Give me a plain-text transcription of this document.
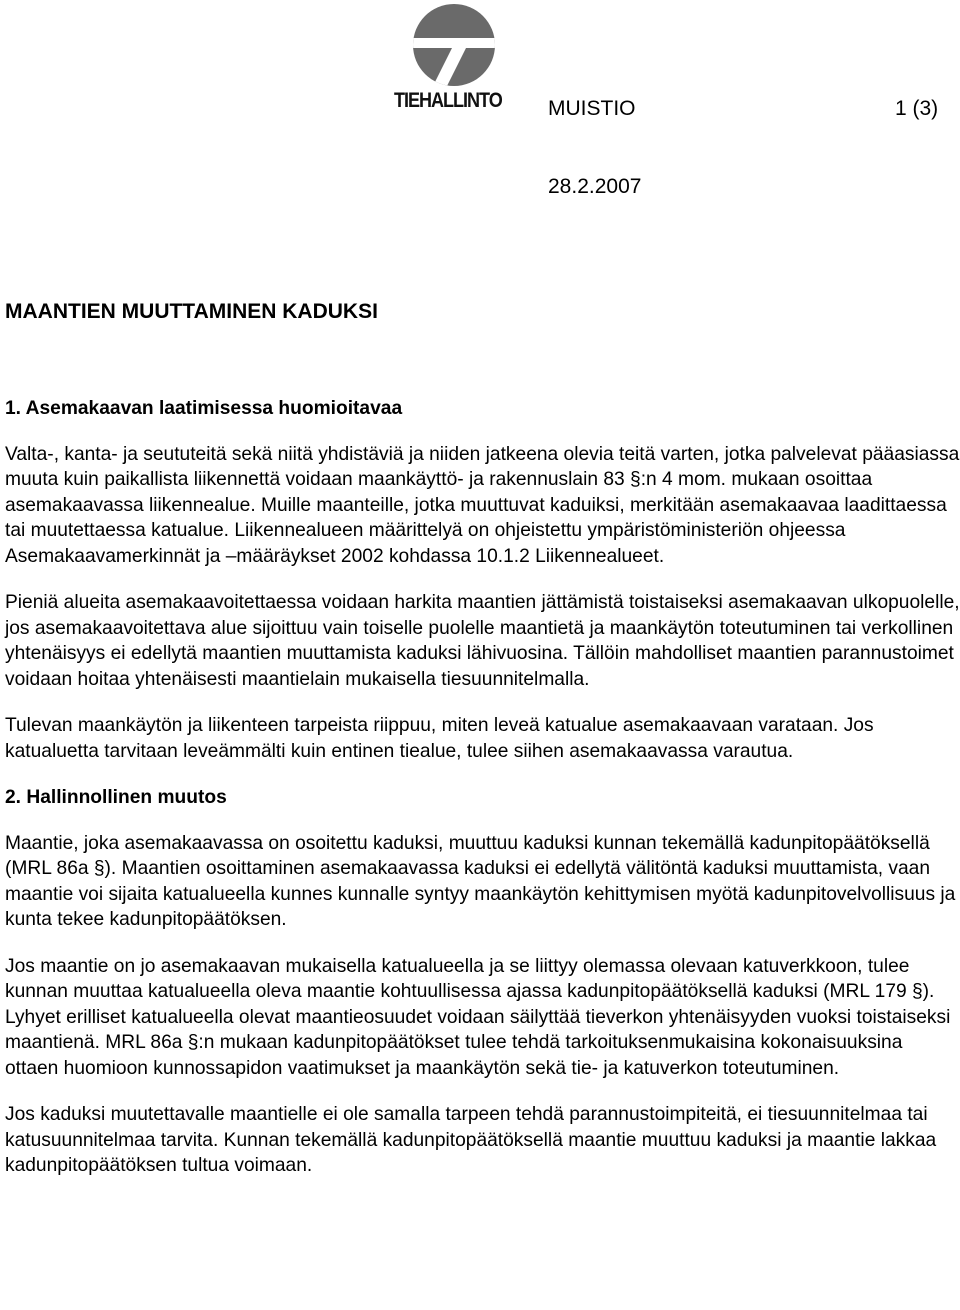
TIEHALLINTO MUISTIO	1 (3)
28.2.2007
MAANTIEN MUUTTAMINEN KADUKSI
1. Asemakaavan laatimisessa huomioitavaa

Valta-, kanta- ja seututeitä sekä niitä yhdistäviä ja niiden jatkeena olevia teitä varten, jotka palvelevat pääasiassa muuta kuin paikallista liikennettä voidaan maankäyttö- ja rakennuslain 83 §:n 4 mom. mukaan osoittaa asemakaavassa liikennealue. Muille maanteille, jotka muuttuvat kaduiksi, merkitään asemakaavaa laadittaessa tai muutettaessa katualue. Liikennealueen määrittelyä on ohjeistettu ympäristöministeriön ohjeessa Asemakaavamerkinnät ja –määräykset 2002 kohdassa 10.1.2 Liikennealueet.

Pieniä alueita asemakaavoitettaessa voidaan harkita maantien jättämistä toistaiseksi asemakaavan ulkopuolelle, jos asemakaavoitettava alue sijoittuu vain toiselle puolelle maantietä ja maankäytön toteutuminen tai verkollinen yhtenäisyys ei edellytä maantien muuttamista kaduksi lähivuosina. Tällöin mahdolliset maantien parannustoimet voidaan hoitaa yhtenäisesti maantielain mukaisella tiesuunnitelmalla.

Tulevan maankäytön ja liikenteen tarpeista riippuu, miten leveä katualue asemakaavaan varataan. Jos katualuetta tarvitaan leveämmälti kuin entinen tiealue, tulee siihen asemakaavassa varautua.

2. Hallinnollinen muutos

Maantie, joka asemakaavassa on osoitettu kaduksi, muuttuu kaduksi kunnan tekemällä kadunpitopäätöksellä (MRL 86a §). Maantien osoittaminen asemakaavassa kaduksi ei edellytä välitöntä kaduksi muuttamista, vaan maantie voi sijaita katualueella kunnes kunnalle syntyy maankäytön kehittymisen myötä kadunpitovelvollisuus ja kunta tekee kadunpitopäätöksen.

Jos maantie on jo asemakaavan mukaisella katualueella ja se liittyy olemassa olevaan katuverkkoon, tulee kunnan muuttaa katualueella oleva maantie kohtuullisessa ajassa kadunpitopäätöksellä kaduksi (MRL 179 §). Lyhyet erilliset katualueella olevat maantieosuudet voidaan säilyttää tieverkon yhtenäisyyden vuoksi toistaiseksi maantienä. MRL 86a §:n mukaan kadunpitopäätökset tulee tehdä tarkoituksenmukaisina kokonaisuuksina ottaen huomioon kunnossapidon vaatimukset ja maankäytön sekä tie- ja katuverkon toteutuminen.

Jos kaduksi muutettavalle maantielle ei ole samalla tarpeen tehdä parannustoimpiteitä, ei tiesuunnitelmaa tai katusuunnitelmaa tarvita. Kunnan tekemällä kadunpitopäätöksellä maantie muuttuu kaduksi ja maantie lakkaa kadunpitopäätöksen tultua voimaan.
